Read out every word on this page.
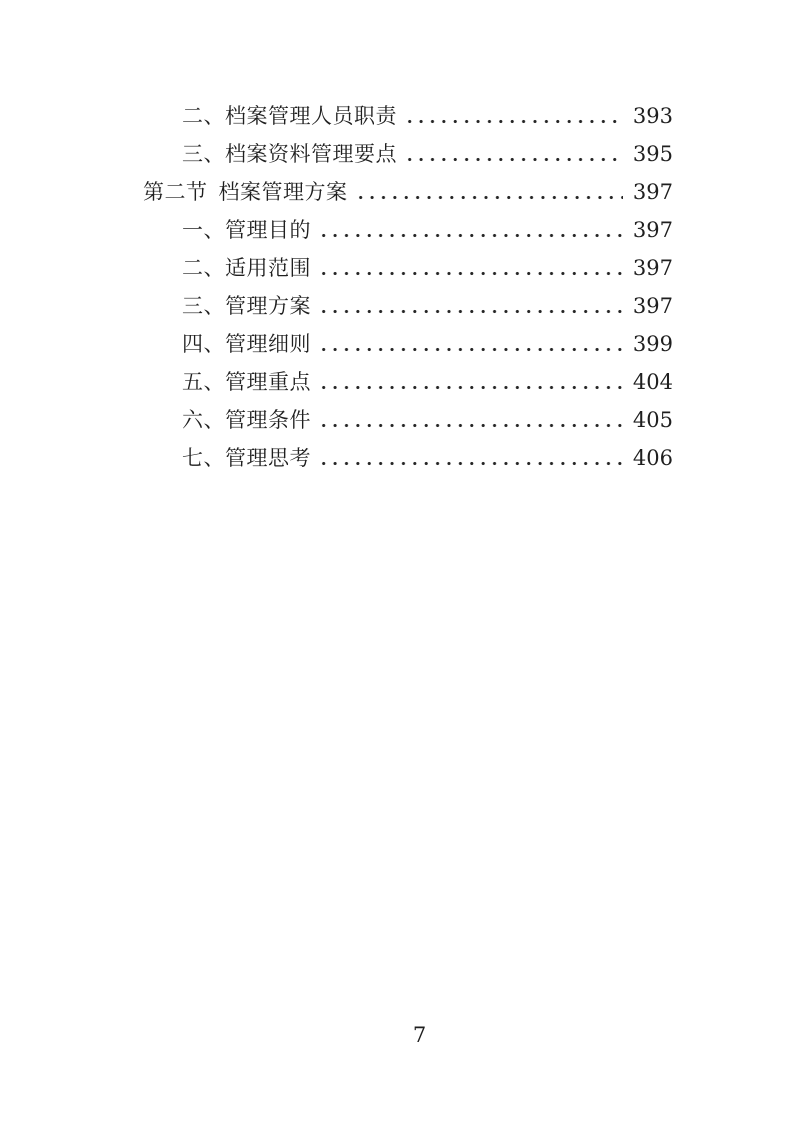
二、 档案管理人员职责	393
三、 档案资料管理要点	395
第二节 档案管理方案	397
一、 管理目的	397
二、 适用范围	397
三、 管理方案	397
四、 管理细则	399
五、 管理重点	404
六、 管理条件	405
七、 管理思考	406
7
